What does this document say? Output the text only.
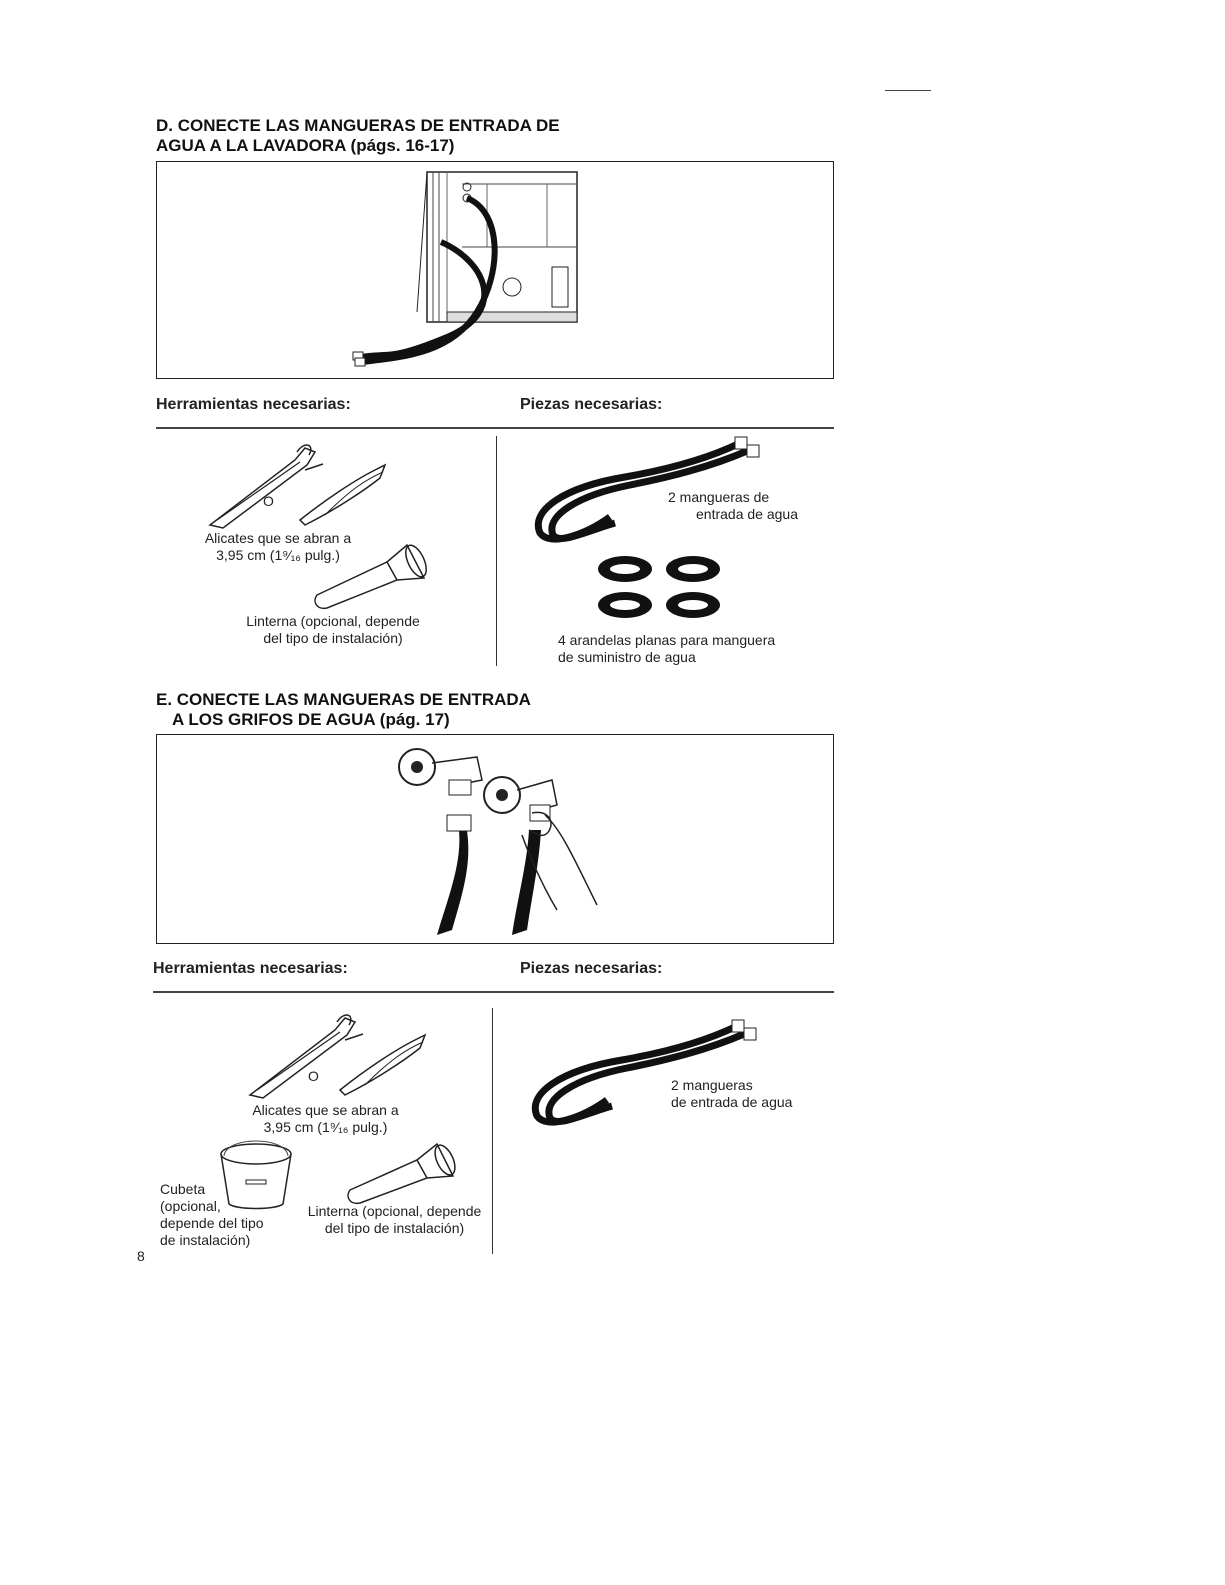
D. CONECTE LAS MANGUERAS DE ENTRADA DE
AGUA A LA LAVADORA (págs. 16-17)
Herramientas necesarias:	Piezas necesarias:
O
Alicates que se abran a
3,95 cm (1⁹⁄₁₆ pulg.)
Linterna (opcional, depende
del tipo de instalación)
2 mangueras de
entrada de agua
4 arandelas planas para manguera
de suministro de agua
E. CONECTE LAS MANGUERAS DE ENTRADA
A LOS GRIFOS DE AGUA (pág. 17)
Herramientas necesarias:	Piezas necesarias:
O
Alicates que se abran a
3,95 cm (1⁹⁄₁₆ pulg.)
Cubeta
(opcional,
depende del tipo
de instalación)
Linterna (opcional, depende
del tipo de instalación)
2 mangueras
de entrada de agua
8
